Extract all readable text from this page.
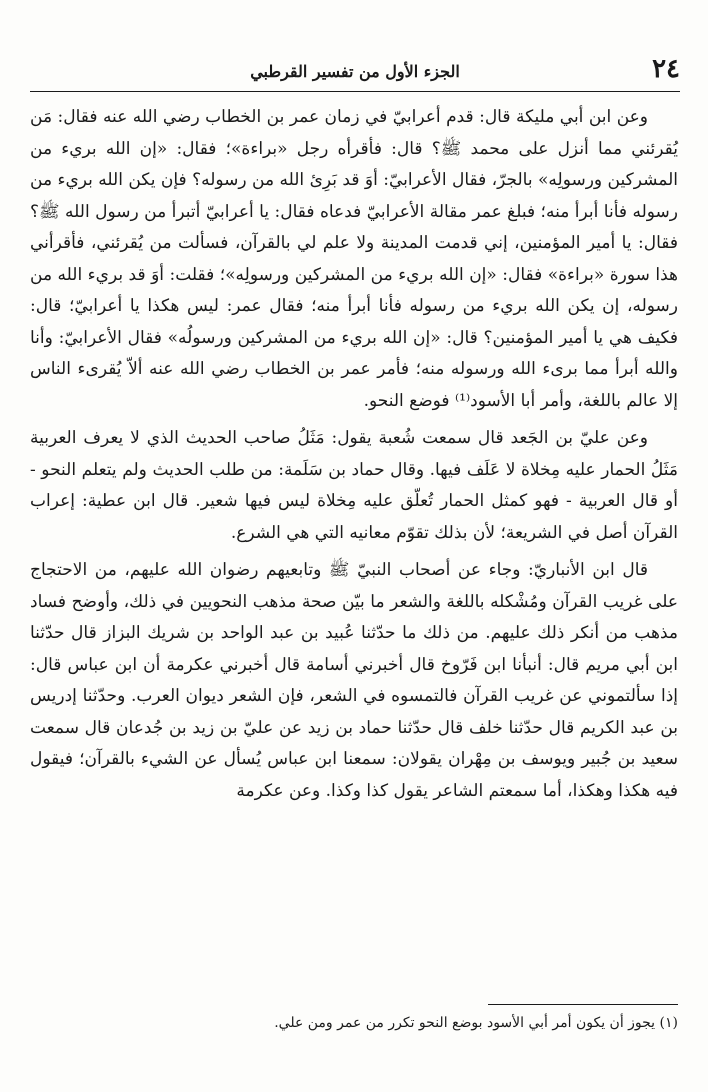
٢٤
الجزء الأول من تفسير القرطبي

وعن ابن أبي مليكة قال: قدم أعرابيّ في زمان عمر بن الخطاب رضي الله عنه فقال: مَن يُقرئني مما أنزل على محمد ﷺ؟ قال: فأقرأه رجل «براءة»؛ فقال: «إن الله بريء من المشركين ورسولِه» بالجرّ، فقال الأعرابيّ: أوَ قد بَرِئ الله من رسوله؟ فإن يكن الله بريء من رسوله فأنا أبرأ منه؛ فبلغ عمر مقالة الأعرابيّ فدعاه فقال: يا أعرابيّ أتبرأ من رسول الله ﷺ؟ فقال: يا أمير المؤمنين، إني قدمت المدينة ولا علم لي بالقرآن، فسألت من يُقرئني، فأقرأني هذا سورة «براءة» فقال: «إن الله بريء من المشركين ورسولِه»؛ فقلت: أوَ قد بريء الله من رسوله، إن يكن الله بريء من رسوله فأنا أبرأ منه؛ فقال عمر: ليس هكذا يا أعرابيّ؛ قال: فكيف هي يا أمير المؤمنين؟ قال: «إن الله بريء من المشركين ورسولُه» فقال الأعرابيّ: وأنا والله أبرأ مما برىء الله ورسوله منه؛ فأمر عمر بن الخطاب رضي الله عنه ألاّ يُقرىء الناس إلا عالم باللغة، وأمر أبا الأسود⁽¹⁾ فوضع النحو.

وعن عليّ بن الجَعد قال سمعت شُعبة يقول: مَثَلُ صاحب الحديث الذي لا يعرف العربية مَثَلُ الحمار عليه مِخلاة لا عَلَف فيها. وقال حماد بن سَلَمة: من طلب الحديث ولم يتعلم النحو - أو قال العربية - فهو كمثل الحمار تُعلّق عليه مِخلاة ليس فيها شعير. قال ابن عطية: إعراب القرآن أصل في الشريعة؛ لأن بذلك تقوّم معانيه التي هي الشرع.

قال ابن الأنباريّ: وجاء عن أصحاب النبيّ ﷺ وتابعيهم رضوان الله عليهم، من الاحتجاج على غريب القرآن ومُشْكله باللغة والشعر ما بيّن صحة مذهب النحويين في ذلك، وأوضح فساد مذهب من أنكر ذلك عليهم. من ذلك ما حدّثنا عُبيد بن عبد الواحد بن شريك البزاز قال حدّثنا ابن أبي مريم قال: أنبأنا ابن فَرّوخ قال أخبرني أسامة قال أخبرني عكرمة أن ابن عباس قال: إذا سألتموني عن غريب القرآن فالتمسوه في الشعر، فإن الشعر ديوان العرب. وحدّثنا إدريس بن عبد الكريم قال حدّثنا خلف قال حدّثنا حماد بن زيد عن عليّ بن زيد بن جُدعان قال سمعت سعيد بن جُبير ويوسف بن مِهْران يقولان: سمعنا ابن عباس يُسأل عن الشيء بالقرآن؛ فيقول فيه هكذا وهكذا، أما سمعتم الشاعر يقول كذا وكذا. وعن عكرمة

(١) يجوز أن يكون أمر أبي الأسود بوضع النحو تكرر من عمر ومن علي.
